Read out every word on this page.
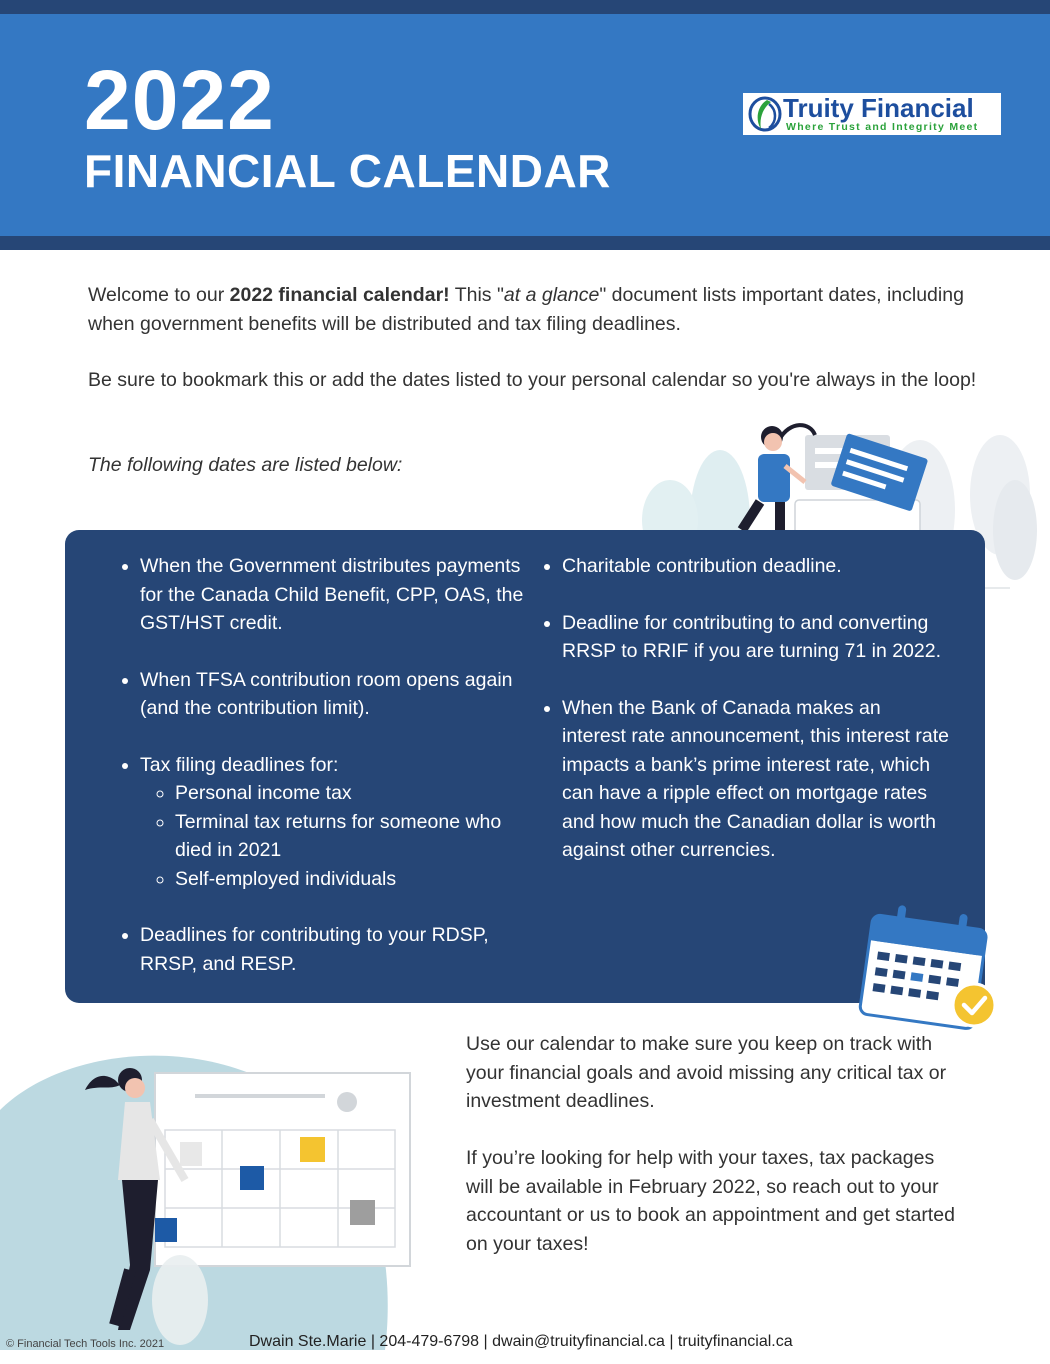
2022
FINANCIAL CALENDAR
Truity Financial
Where Trust and Integrity Meet

Welcome to our 2022 financial calendar! This "at a glance" document lists important dates, including when government benefits will be distributed and tax filing deadlines.

Be sure to bookmark this or add the dates listed to your personal calendar so you're always in the loop!

The following dates are listed below:

• When the Government distributes payments for the Canada Child Benefit, CPP, OAS, the GST/HST credit.
• When TFSA contribution room opens again (and the contribution limit).
• Tax filing deadlines for:
◦ Personal income tax
◦ Terminal tax returns for someone who died in 2021
◦ Self-employed individuals
• Deadlines for contributing to your RDSP, RRSP, and RESP.
• Charitable contribution deadline.
• Deadline for contributing to and converting RRSP to RRIF if you are turning 71 in 2022.
• When the Bank of Canada makes an interest rate announcement, this interest rate impacts a bank’s prime interest rate, which can have a ripple effect on mortgage rates and how much the Canadian dollar is worth against other currencies.

Use our calendar to make sure you keep on track with your financial goals and avoid missing any critical tax or investment deadlines.

If you’re looking for help with your taxes, tax packages will be available in February 2022, so reach out to your accountant or us to book an appointment and get started on your taxes!

© Financial Tech Tools Inc. 2021	Dwain Ste.Marie | 204-479-6798 | dwain@truityfinancial.ca | truityfinancial.ca
